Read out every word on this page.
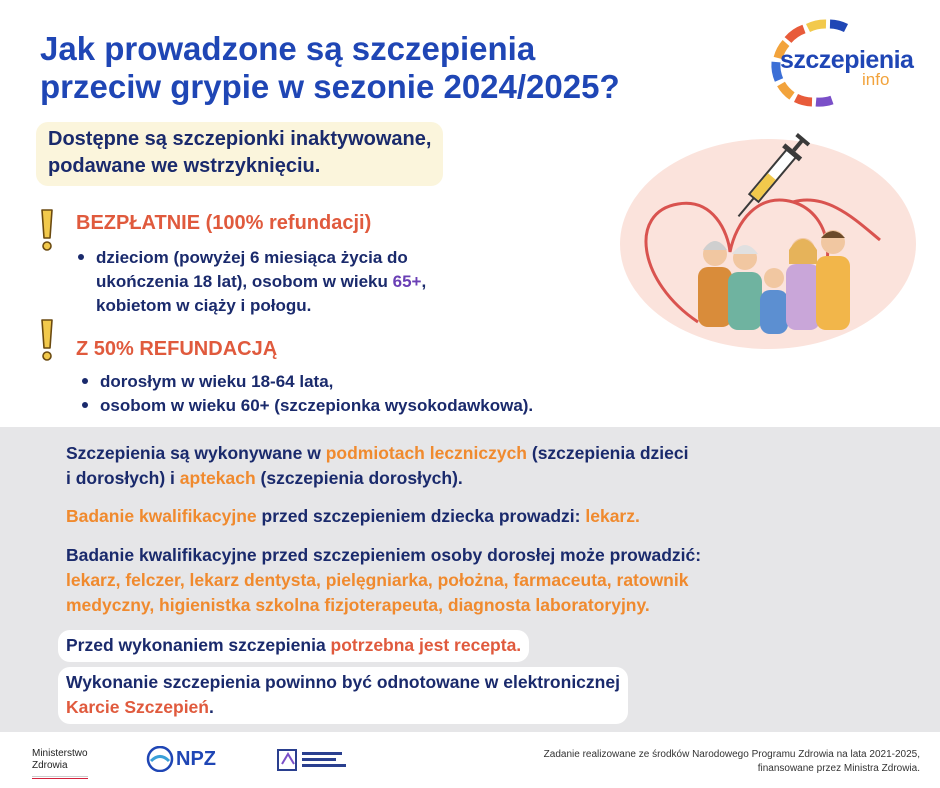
Jak prowadzone są szczepienia
przeciw grypie w sezonie 2024/2025?
szczepienia
info
Dostępne są szczepionki inaktywowane,
podawane we wstrzyknięciu.
BEZPŁATNIE (100% refundacji)
dzieciom (powyżej 6 miesiąca życia do
ukończenia 18 lat), osobom w wieku 65+,
kobietom w ciąży i połogu.
Z 50% REFUNDACJĄ
dorosłym w wieku 18-64 lata,
osobom w wieku 60+ (szczepionka wysokodawkowa).
Szczepienia są wykonywane w podmiotach leczniczych (szczepienia dzieci
i dorosłych) i aptekach (szczepienia dorosłych).
Badanie kwalifikacyjne przed szczepieniem dziecka prowadzi: lekarz.
Badanie kwalifikacyjne przed szczepieniem osoby dorosłej może prowadzić:
lekarz, felczer, lekarz dentysta, pielęgniarka, położna, farmaceuta, ratownik
medyczny, higienistka szkolna fizjoterapeuta, diagnosta laboratoryjny.
Przed wykonaniem szczepienia potrzebna jest recepta.
Wykonanie szczepienia powinno być odnotowane w elektronicznej
Karcie Szczepień.
Ministerstwo
Zdrowia	NPZ	Zadanie realizowane ze środków Narodowego Programu Zdrowia na lata 2021-2025,
finansowane przez Ministra Zdrowia.
